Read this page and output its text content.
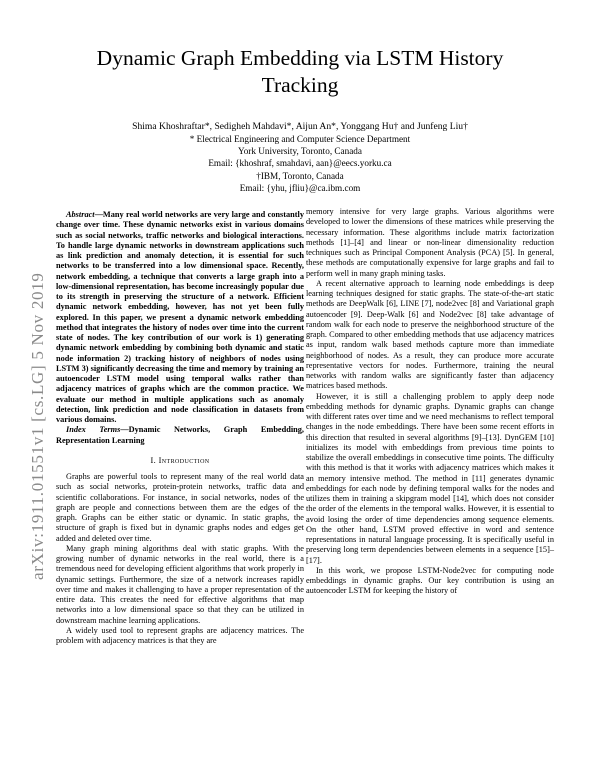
Dynamic Graph Embedding via LSTM History Tracking
Shima Khoshraftar*, Sedigheh Mahdavi*, Aijun An*, Yonggang Hu† and Junfeng Liu†
* Electrical Engineering and Computer Science Department
York University, Toronto, Canada
Email: {khoshraf, smahdavi, aan}@eecs.yorku.ca
†IBM, Toronto, Canada
Email: {yhu, jfliu}@ca.ibm.com
arXiv:1911.01551v1 [cs.LG] 5 Nov 2019

Abstract—Many real world networks are very large and constantly change over time. These dynamic networks exist in various domains such as social networks, traffic networks and biological interactions. To handle large dynamic networks in downstream applications such as link prediction and anomaly detection, it is essential for such networks to be transferred into a low dimensional space. Recently, network embedding, a technique that converts a large graph into a low-dimensional representation, has become increasingly popular due to its strength in preserving the structure of a network. Efficient dynamic network embedding, however, has not yet been fully explored. In this paper, we present a dynamic network embedding method that integrates the history of nodes over time into the current state of nodes. The key contribution of our work is 1) generating dynamic network embedding by combining both dynamic and static node information 2) tracking history of neighbors of nodes using LSTM 3) significantly decreasing the time and memory by training an autoencoder LSTM model using temporal walks rather than adjacency matrices of graphs which are the common practice. We evaluate our method in multiple applications such as anomaly detection, link prediction and node classification in datasets from various domains.

Index Terms—Dynamic Networks, Graph Embedding, Representation Learning

I. Introduction

Graphs are powerful tools to represent many of the real world data such as social networks, protein-protein networks, traffic data and scientific collaborations. For instance, in social networks, nodes of the graph are people and connections between them are the edges of the graph. Graphs can be either static or dynamic. In static graphs, the structure of graph is fixed but in dynamic graphs nodes and edges get added and deleted over time.

Many graph mining algorithms deal with static graphs. With the growing number of dynamic networks in the real world, there is a tremendous need for developing efficient algorithms that work properly in dynamic settings. Furthermore, the size of a network increases rapidly over time and makes it challenging to have a proper representation of the entire data. This creates the need for effective algorithms that map networks into a low dimensional space so that they can be utilized in downstream machine learning applications.

A widely used tool to represent graphs are adjacency matrices. The problem with adjacency matrices is that they are

memory intensive for very large graphs. Various algorithms were developed to lower the dimensions of these matrices while preserving the necessary information. These algorithms include matrix factorization methods [1]–[4] and linear or non-linear dimensionality reduction techniques such as Principal Component Analysis (PCA) [5]. In general, these methods are computationally expensive for large graphs and fail to perform well in many graph mining tasks.

A recent alternative approach to learning node embeddings is deep learning techniques designed for static graphs. The state-of-the-art static methods are DeepWalk [6], LINE [7], node2vec [8] and Variational graph autoencoder [9]. Deep-Walk [6] and Node2vec [8] take advantage of random walk for each node to preserve the neighborhood structure of the graph. Compared to other embedding methods that use adjacency matrices as input, random walk based methods capture more than immediate neighborhood of nodes. As a result, they can produce more accurate representative vectors for nodes. Furthermore, training the neural networks with random walks are significantly faster than adjacency matrices based methods.

However, it is still a challenging problem to apply deep node embedding methods for dynamic graphs. Dynamic graphs can change with different rates over time and we need mechanisms to reflect temporal changes in the node embeddings. There have been some recent efforts in this direction that resulted in several algorithms [9]–[13]. DynGEM [10] initializes its model with embeddings from previous time points to stabilize the overall embeddings in consecutive time points. The difficulty with this method is that it works with adjacency matrices which makes it an memory intensive method. The method in [11] generates dynamic embeddings for each node by defining temporal walks for the nodes and utilizes them in training a skipgram model [14], which does not consider the order of the elements in the temporal walks. However, it is essential to avoid losing the order of time dependencies among sequence elements. On the other hand, LSTM proved effective in word and sentence representations in natural language processing. It is specifically useful in preserving long term dependencies between elements in a sequence [15]–[17].

In this work, we propose LSTM-Node2vec for computing node embeddings in dynamic graphs. Our key contribution is using an autoencoder LSTM for keeping the history of
